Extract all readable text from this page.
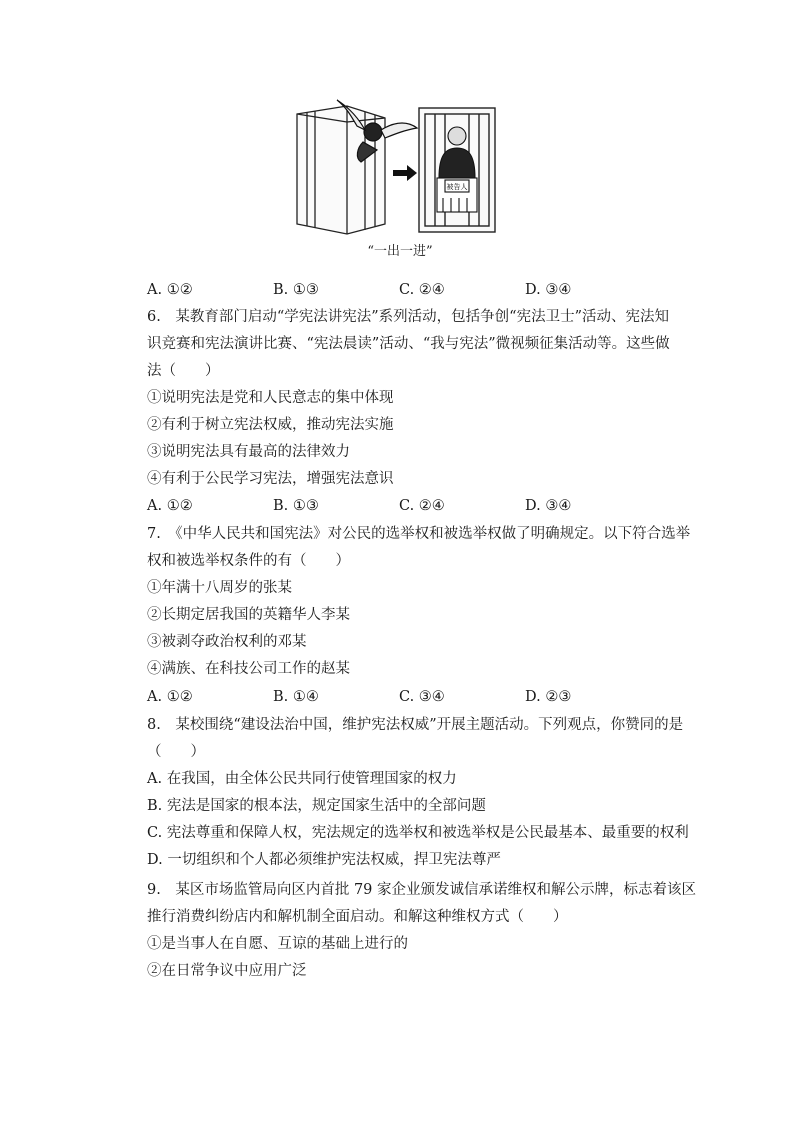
被告人
“一出一进”
A. ①②	B. ①③	C. ②④	D. ③④
6.　某教育部门启动“学宪法讲宪法”系列活动，包括争创“宪法卫士”活动、宪法知
识竞赛和宪法演讲比赛、“宪法晨读”活动、“我与宪法”微视频征集活动等。这些做
法（　　）
①说明宪法是党和人民意志的集中体现
②有利于树立宪法权威，推动宪法实施
③说明宪法具有最高的法律效力
④有利于公民学习宪法，增强宪法意识
A. ①②	B. ①③	C. ②④	D. ③④
7.　《中华人民共和国宪法》对公民的选举权和被选举权做了明确规定。以下符合选举
权和被选举权条件的有（　　）
①年满十八周岁的张某
②长期定居我国的英籍华人李某
③被剥夺政治权利的邓某
④满族、在科技公司工作的赵某
A. ①②	B. ①④	C. ③④	D. ②③
8.　某校围绕“建设法治中国，维护宪法权威”开展主题活动。下列观点，你赞同的是
（　　）
A. 在我国，由全体公民共同行使管理国家的权力
B. 宪法是国家的根本法，规定国家生活中的全部问题
C. 宪法尊重和保障人权，宪法规定的选举权和被选举权是公民最基本、最重要的权利
D. 一切组织和个人都必须维护宪法权威，捍卫宪法尊严
9.　某区市场监管局向区内首批 79 家企业颁发诚信承诺维权和解公示牌，标志着该区
推行消费纠纷店内和解机制全面启动。和解这种维权方式（　　）
①是当事人在自愿、互谅的基础上进行的
②在日常争议中应用广泛
